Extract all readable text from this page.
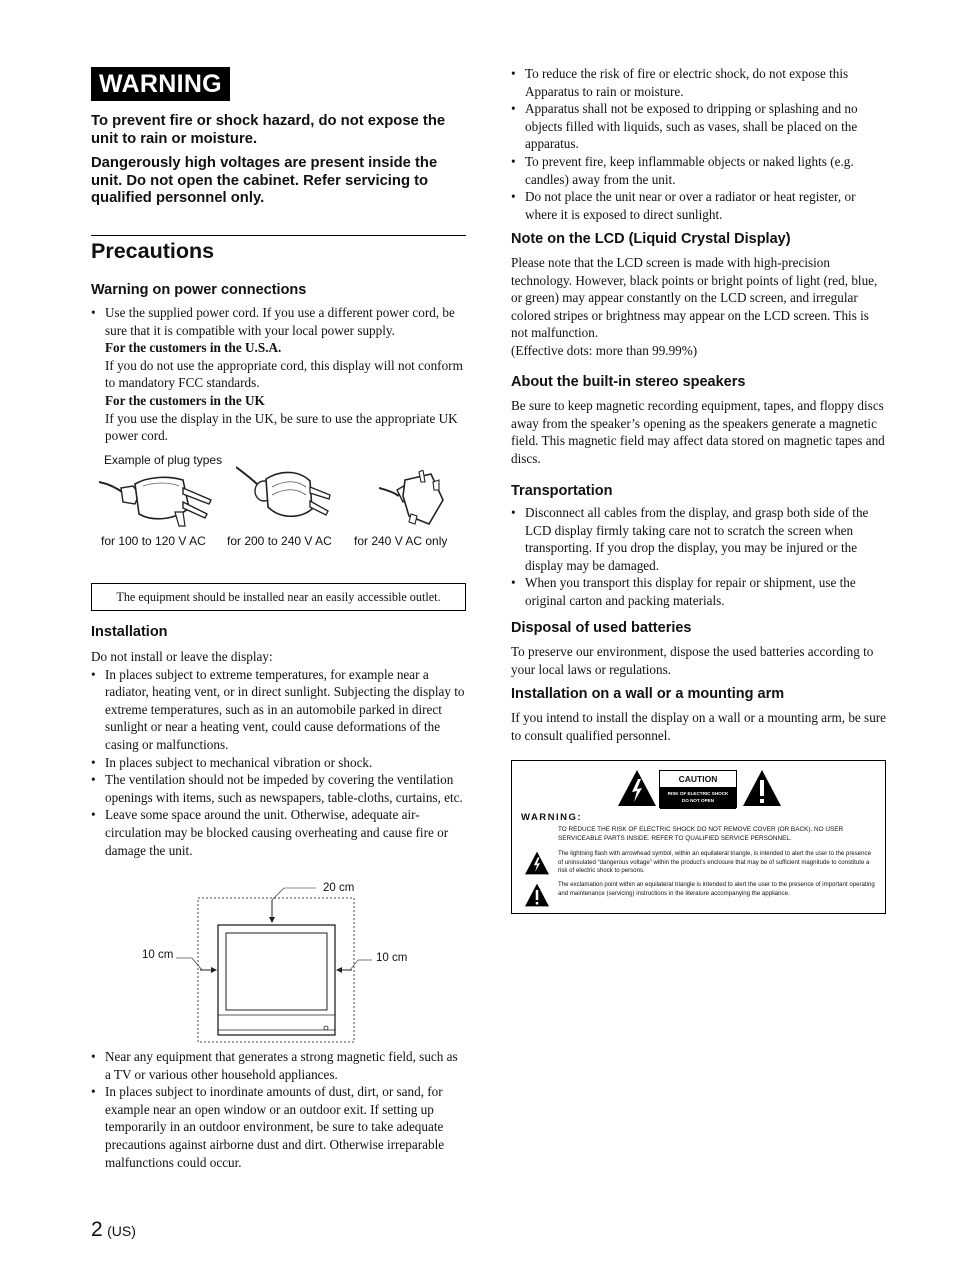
WARNING

To prevent fire or shock hazard, do not expose the unit to rain or moisture.

Dangerously high voltages are present inside the unit. Do not open the cabinet. Refer servicing to qualified personnel only.

Precautions
Warning on power connections
• Use the supplied power cord. If you use a different power cord, be sure that it is compatible with your local power supply.
For the customers in the U.S.A.
If you do not use the appropriate cord, this display will not conform to mandatory FCC standards.
For the customers in the UK
If you use the display in the UK, be sure to use the appropriate UK power cord.
Example of plug types
for 100 to 120 V AC for 200 to 240 V AC for 240 V AC only
The equipment should be installed near an easily accessible outlet.
Installation

Do not install or leave the display:

• In places subject to extreme temperatures, for example near a radiator, heating vent, or in direct sunlight. Subjecting the display to extreme temperatures, such as in an automobile parked in direct sunlight or near a heating vent, could cause deformations of the casing or malfunctions.
• In places subject to mechanical vibration or shock.
• The ventilation should not be impeded by covering the ventilation openings with items, such as newspapers, table-cloths, curtains, etc.
• Leave some space around the unit. Otherwise, adequate air-circulation may be blocked causing overheating and cause fire or damage the unit.
20 cm
10 cm	10 cm
• Near any equipment that generates a strong magnetic field, such as a TV or various other household appliances.
• In places subject to inordinate amounts of dust, dirt, or sand, for example near an open window or an outdoor exit. If setting up temporarily in an outdoor environment, be sure to take adequate precautions against airborne dust and dirt. Otherwise irreparable malfunctions could occur.
2 (US)
• To reduce the risk of fire or electric shock, do not expose this Apparatus to rain or moisture.
• Apparatus shall not be exposed to dripping or splashing and no objects filled with liquids, such as vases, shall be placed on the apparatus.
• To prevent fire, keep inflammable objects or naked lights (e.g. candles) away from the unit.
• Do not place the unit near or over a radiator or heat register, or where it is exposed to direct sunlight.
Note on the LCD (Liquid Crystal Display)

Please note that the LCD screen is made with high-precision technology. However, black points or bright points of light (red, blue, or green) may appear constantly on the LCD screen, and irregular colored stripes or brightness may appear on the LCD screen. This is not malfunction.

(Effective dots: more than 99.99%)

About the built-in stereo speakers

Be sure to keep magnetic recording equipment, tapes, and floppy discs away from the speaker’s opening as the speakers generate a magnetic field. This magnetic field may affect data stored on magnetic tapes and discs.

Transportation
• Disconnect all cables from the display, and grasp both side of the LCD display firmly taking care not to scratch the screen when transporting. If you drop the display, you may be injured or the display may be damaged.
• When you transport this display for repair or shipment, use the original carton and packing materials.
Disposal of used batteries

To preserve our environment, dispose the used batteries according to your local laws or regulations.

Installation on a wall or a mounting arm

If you intend to install the display on a wall or a mounting arm, be sure to consult qualified personnel.

CAUTION
RISK OF ELECTRIC SHOCK
DO NOT OPEN
WARNING:
TO REDUCE THE RISK OF ELECTRIC SHOCK DO NOT REMOVE COVER (OR BACK). NO USER SERVICEABLE PARTS INSIDE. REFER TO QUALIFIED SERVICE PERSONNEL.
The lightning flash with arrowhead symbol, within an equilateral triangle, is intended to alert the user to the presence of uninsulated “dangerous voltage” within the product’s enclosure that may be of sufficient magnitude to constitute a risk of electric shock to persons.
The exclamation point within an equilateral triangle is intended to alert the user to the presence of important operating and maintenance (servicing) instructions in the literature accompanying the appliance.
